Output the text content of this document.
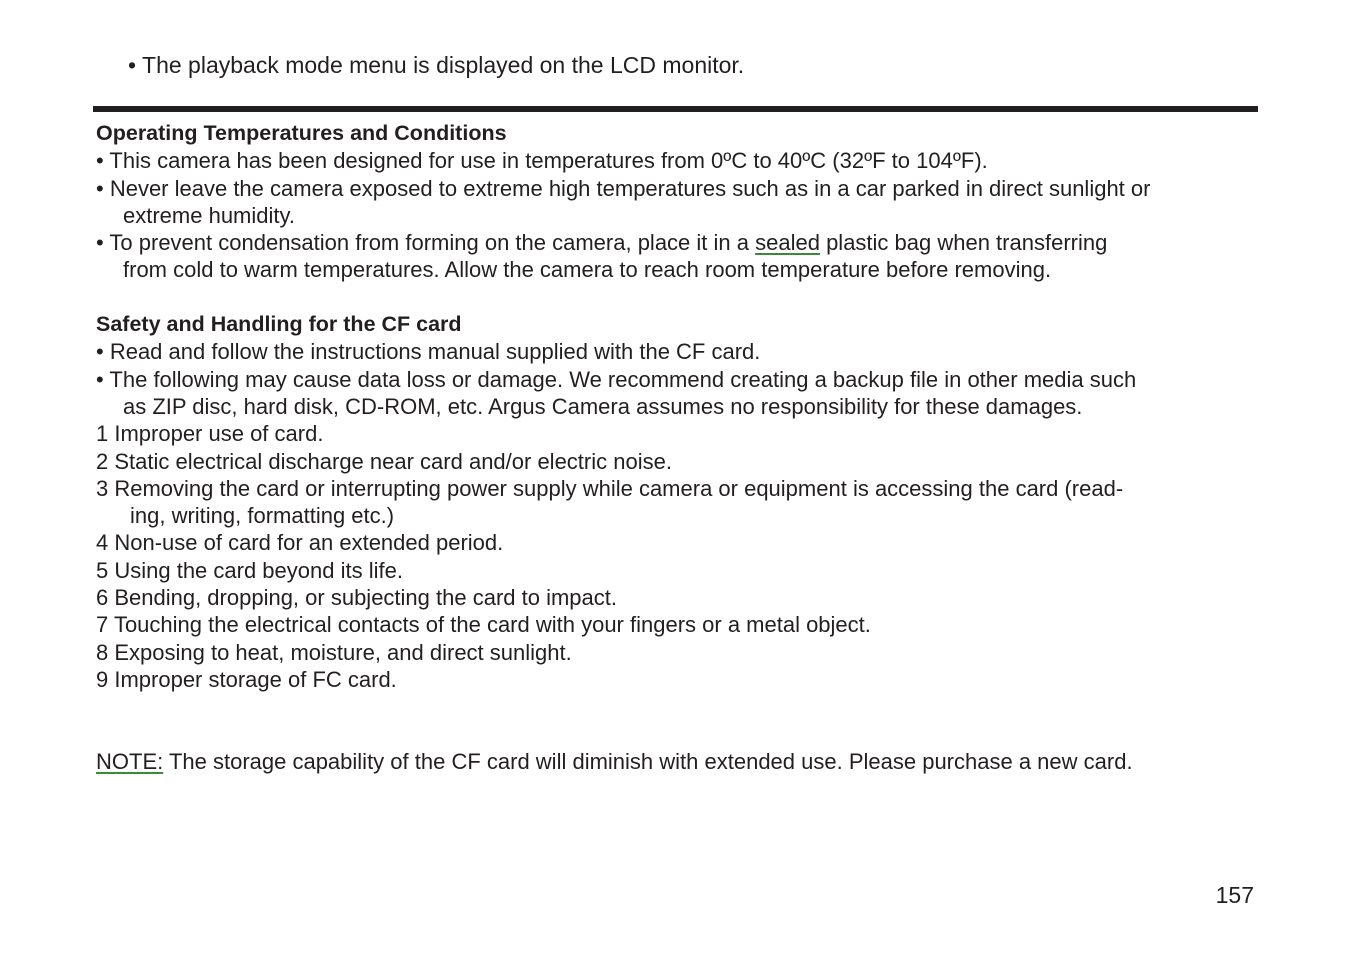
• The playback mode menu is displayed on the LCD monitor.
Operating Temperatures and Conditions
• This camera has been designed for use in temperatures from 0ºC to 40ºC (32ºF to 104ºF).
• Never leave the camera exposed to extreme high temperatures such as in a car parked in direct sunlight or
extreme humidity.
• To prevent condensation from forming on the camera, place it in a sealed plastic bag when transferring
from cold to warm temperatures. Allow the camera to reach room temperature before removing.
Safety and Handling for the CF card
• Read and follow the instructions manual supplied with the CF card.
• The following may cause data loss or damage. We recommend creating a backup file in other media such
as ZIP disc, hard disk, CD-ROM, etc. Argus Camera assumes no responsibility for these damages.
1 Improper use of card.
2 Static electrical discharge near card and/or electric noise.
3 Removing the card or interrupting power supply while camera or equipment is accessing the card (read-
ing, writing, formatting etc.)
4 Non-use of card for an extended period.
5 Using the card beyond its life.
6 Bending, dropping, or subjecting the card to impact.
7 Touching the electrical contacts of the card with your fingers or a metal object.
8 Exposing to heat, moisture, and direct sunlight.
9 Improper storage of FC card.
NOTE: The storage capability of the CF card will diminish with extended use. Please purchase a new card.
157
